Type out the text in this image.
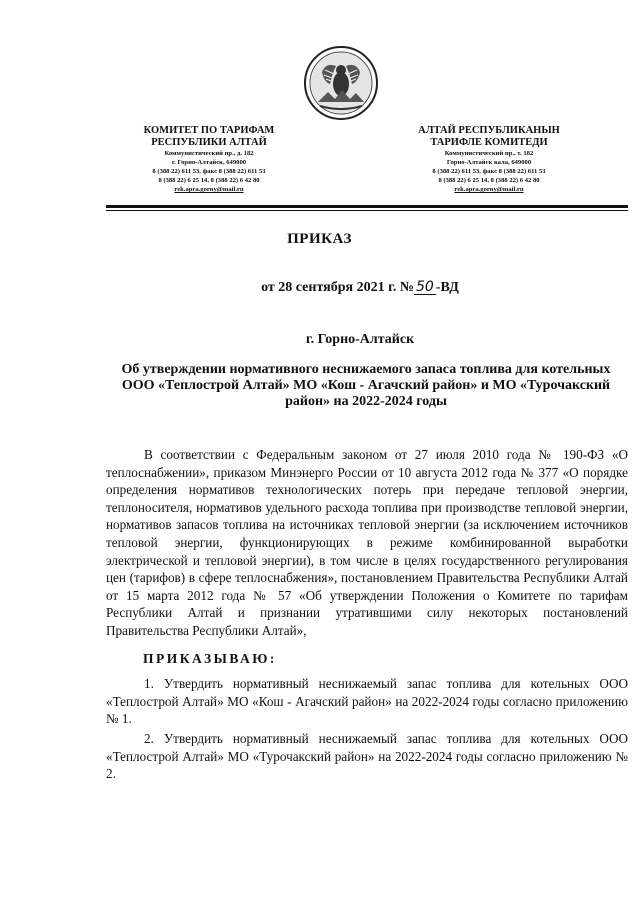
КОМИТЕТ ПО ТАРИФАМ
РЕСПУБЛИКИ АЛТАЙ
Коммунистический пр., д. 182
г. Горно-Алтайск, 649000
8 (388 22) 611 53, факс 8 (388 22) 611 53
8 (388 22) 6 25 14, 8 (388 22) 6 42 80
rek.apra.gorny@mail.ru
АЛТАЙ РЕСПУБЛИКАНЫН
ТАРИФЛЕ КОМИТЕДИ
Коммунистический пр., т. 182
Горно-Алтайск кала, 649000
8 (388 22) 611 53, факс 8 (388 22) 611 53
8 (388 22) 6 25 14, 8 (388 22) 6 42 80
rek.apra.gorny@mail.ru
ПРИКАЗ
от 28 сентября 2021 г. № 50 -ВД
г. Горно-Алтайск
Об утверждении нормативного неснижаемого запаса топлива для котельных ООО «Теплострой Алтай» МО «Кош - Агачский район» и МО «Турочакский район» на 2022-2024 годы
В соответствии с Федеральным законом от 27 июля 2010 года № 190-ФЗ «О теплоснабжении», приказом Минэнерго России от 10 августа 2012 года № 377 «О порядке определения нормативов технологических потерь при передаче тепловой энергии, теплоносителя, нормативов удельного расхода топлива при производстве тепловой энергии, нормативов запасов топлива на источниках тепловой энергии (за исключением источников тепловой энергии, функционирующих в режиме комбинированной выработки электрической и тепловой энергии), в том числе в целях государственного регулирования цен (тарифов) в сфере теплоснабжения», постановлением Правительства Республики Алтай от 15 марта 2012 года № 57 «Об утверждении Положения о Комитете по тарифам Республики Алтай и признании утратившими силу некоторых постановлений Правительства Республики Алтай»,
ПРИКАЗЫВАЮ:
1. Утвердить нормативный неснижаемый запас топлива для котельных ООО «Теплострой Алтай» МО «Кош - Агачский район» на 2022-2024 годы согласно приложению № 1.
2. Утвердить нормативный неснижаемый запас топлива для котельных ООО «Теплострой Алтай» МО «Турочакский район» на 2022-2024 годы согласно приложению № 2.
